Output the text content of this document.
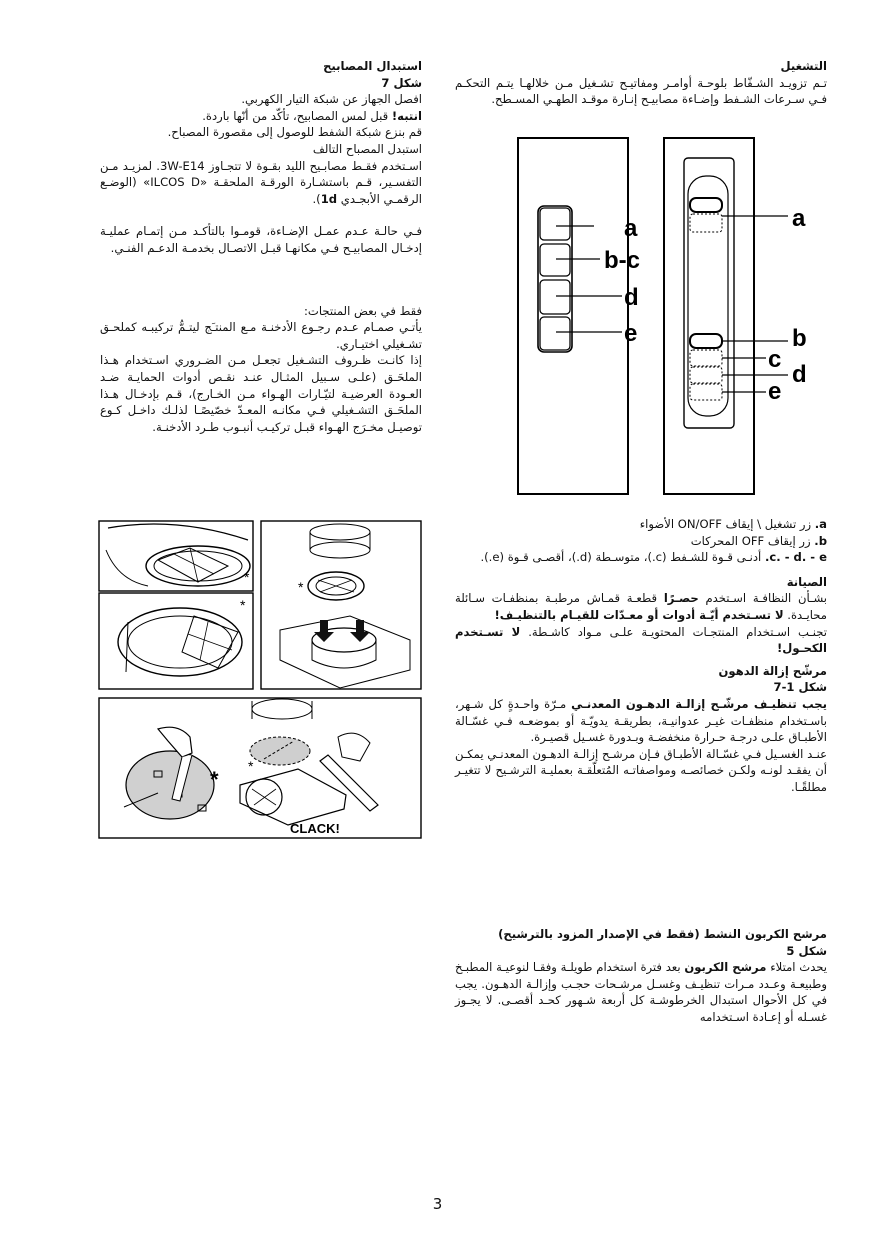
التشغيل

تـم تزويـد الشـفّاط بلوحـة أوامـر ومفاتيـح تشـغيل مـن خلالهـا يتـم التحكـم فـي سـرعات الشـفط وإضـاءة مصابيـح إنـارة موقـد الطهـي المسـطح.

a
b-c
d
e
a
b
c
d
e

a. زر تشغيل \ إيقاف ON/OFF الأضواء

b. زر إيقاف OFF المحركات

c. - d. - e. أدنـى قـوة للشـفط (c.)، متوسـطة (d.)، أقصـى قـوة (e.).

الصيانة

بشـأن النظافـة اسـتخدم حصـرًا قطعـة قمـاش مرطبـة بمنظفـات سـائلة محايـدة. لا تسـتخدم أيّـة أدوات أو معـدّات للقيـام بالتنظيـف!

تجنـب اسـتخدام المنتجـات المحتويـة علـى مـواد كاشـطة. لا تسـتخدم الكحـول!

مرشّح إزالة الدهون

شكل 1-7

يجب تنظيـف مرشّـح إزالـة الدهـون المعدنـي مـرّة واحـدةٍ كل شـهر، باسـتخدام منظفـات غيـر عدوانيـة، بطريقـة يدويّـة أو بموضعـه فـي غسّـالة الأطبـاق علـى درجـة حـرارة منخفضـة وبـدورة غسـيل قصيـرة.

عنـد الغسـيل فـي غسّـالة الأطبـاق فـإن مرشـح إزالـة الدهـون المعدنـي يمكـن أن يفقـد لونـه ولكـن خصائصـه ومواصفاتـه المُتعلّقـة بعمليـة الترشـيح لا تتغيـر مطلقًـا.

مرشح الكربون النشط (فقط في الإصدار المزود بالترشيح)

شكل 5

يحدث امتلاء مرشح الكربون بعد فترة استخدام طويلـة وفقـا لنوعيـة المطبـخ وطبيعـة وعـدد مـرات تنظيـف وغسـل مرشـحات حجـب وإزالـة الدهـون. يجب في كل الأحوال استبدال الخرطوشـة كل أربعة شـهور كحـد أقصـى. لا يجـوز غسـله أو إعـادة اسـتخدامه

استبدال المصابيح

شكل 7

افصل الجهاز عن شبكة التيار الكهربي.

انتبه! قبل لمس المصابيح، تأكّد من أنّها باردة.

قم بنزع شبكة الشفط للوصول إلى مقصورة المصباح.

استبدل المصباح التالف

اسـتخدم فقـط مصابـيح الليد بقـوة لا تتجـاوز 3W-E14. لمزيـد مـن التفسـير، قـم باستشـارة الورقـة الملحقـة «ILCOS D» (الوضـع الرقمـي الأبجـدي 1d).

فـي حالـة عـدم عمـل الإضـاءة، قومـوا بالتأكـد مـن إتمـام عمليـة إدخـال المصابيـح فـي مكانهـا قبـل الاتصـال بخدمـة الدعـم الفنـي.

فقط في بعض المنتجات:

يأتـي صمـام عـدم رجـوع الأدخنـة مـع المنتـَج ليتـمُّ تركيبـه كملحـق تشـغيلي اختيـاري.

إذا كانـت ظـروف التشـغيل تجعـل مـن الضـروري اسـتخدام هـذا الملحَـق (علـى سـبيل المثـال عنـد نقـص أدوات الحمايـة ضـد العـودة العرضيـة لتيّـارات الهـواء مـن الخـارج)، قـم بإدخـال هـذا الملحَـق التشـغيلي فـي مكانـه المعـدّ خصّيصًـا لذلـك داخـل كـوع توصيـل مخـرَج الهـواء قبـل تركيـب أنبـوب طـرد الأدخنـة.

*
*
*
*
*
CLACK!
3
